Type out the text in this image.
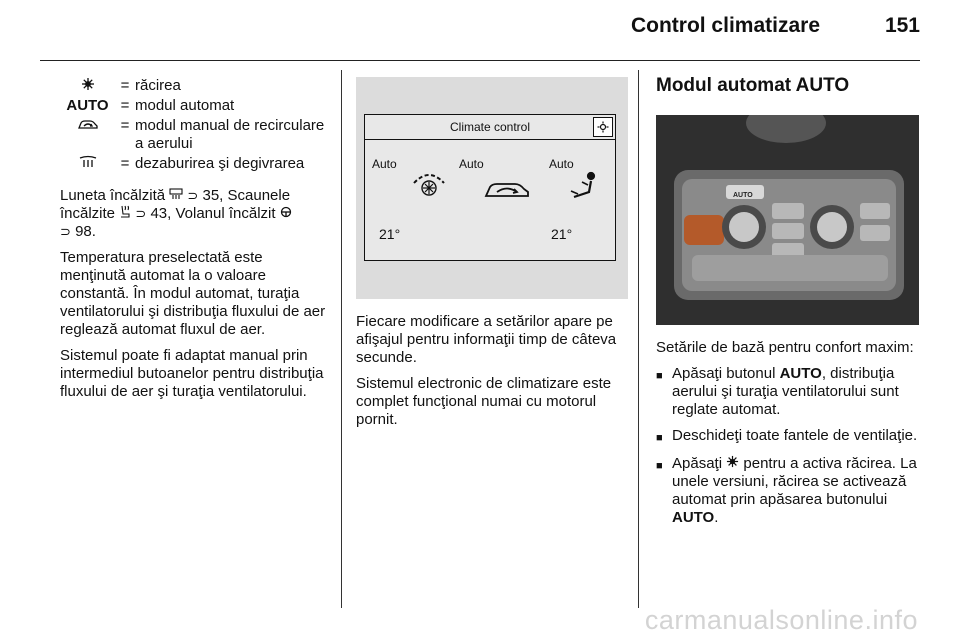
Control climatizare	151
= răcirea
AUTO = modul automat
= modul manual de recirculare a aerului
= dezaburirea şi degivrarea

Luneta încălzită ⊃ 35, Scaunele încălzite ⊃ 43, Volanul încălzit
⊃ 98.

Temperatura preselectată este menţinută automat la o valoare constantă. În modul automat, turaţia ventilatorului şi distribuţia fluxului de aer reglează automat fluxul de aer.

Sistemul poate fi adaptat manual prin intermediul butoanelor pentru distribuţia fluxului de aer şi turaţia ventilatorului.

Climate control
Auto	Auto	Auto
21°	21°

Fiecare modificare a setărilor apare pe afişajul pentru informaţii timp de câteva secunde.

Sistemul electronic de climatizare este complet funcţional numai cu motorul pornit.

Modul automat AUTO
AUTO

Setările de bază pentru confort maxim:

■ Apăsaţi butonul AUTO, distribuţia aerului şi turaţia ventilatorului sunt reglate automat.
■ Deschideţi toate fantele de ventilaţie.
■ Apăsaţi pentru a activa răcirea. La unele versiuni, răcirea se activează automat prin apăsarea butonului AUTO.
carmanualsonline.info
